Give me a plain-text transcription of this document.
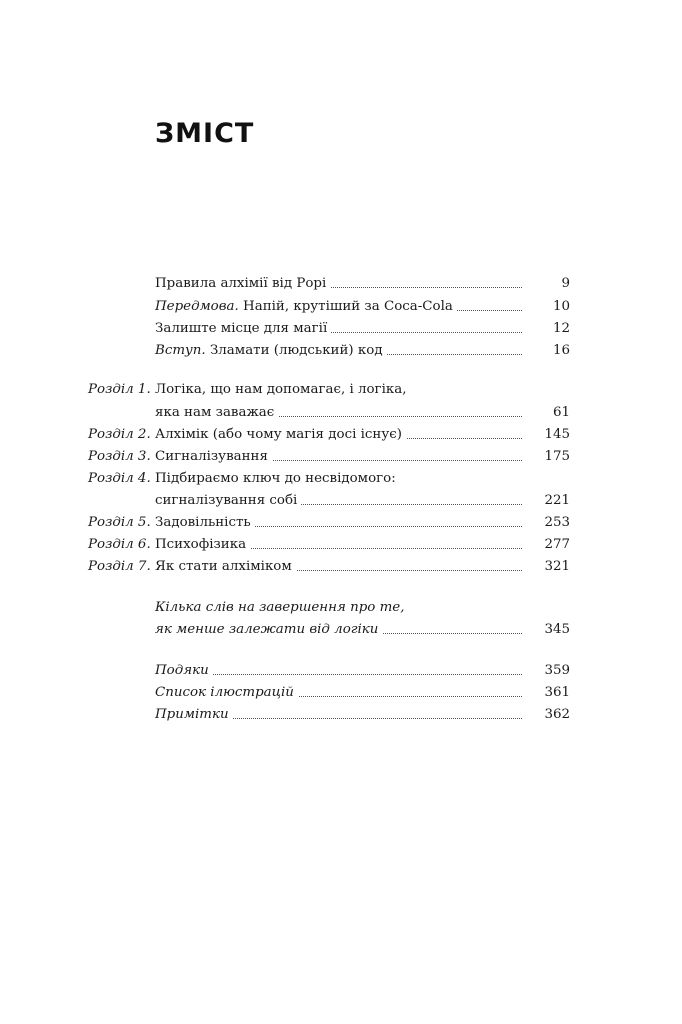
ЗМІСТ
Правила алхімії від Рорі	9
Передмова. Напій, крутіший за Coca-Cola	10
Залиште місце для магії	12
Вступ. Зламати (людський) код	16
Розділ 1. Логіка, що нам допомагає, і логіка,
яка нам заважає	61
Розділ 2. Алхімік (або чому магія досі існує)	145
Розділ 3. Сигналізування	175
Розділ 4. Підбираємо ключ до несвідомого:
сигналізування собі	221
Розділ 5. Задовільність	253
Розділ 6. Психофізика	277
Розділ 7. Як стати алхіміком	321
Кілька слів на завершення про те,
як менше залежати від логіки	345
Подяки	359
Список ілюстрацій	361
Примітки	362
